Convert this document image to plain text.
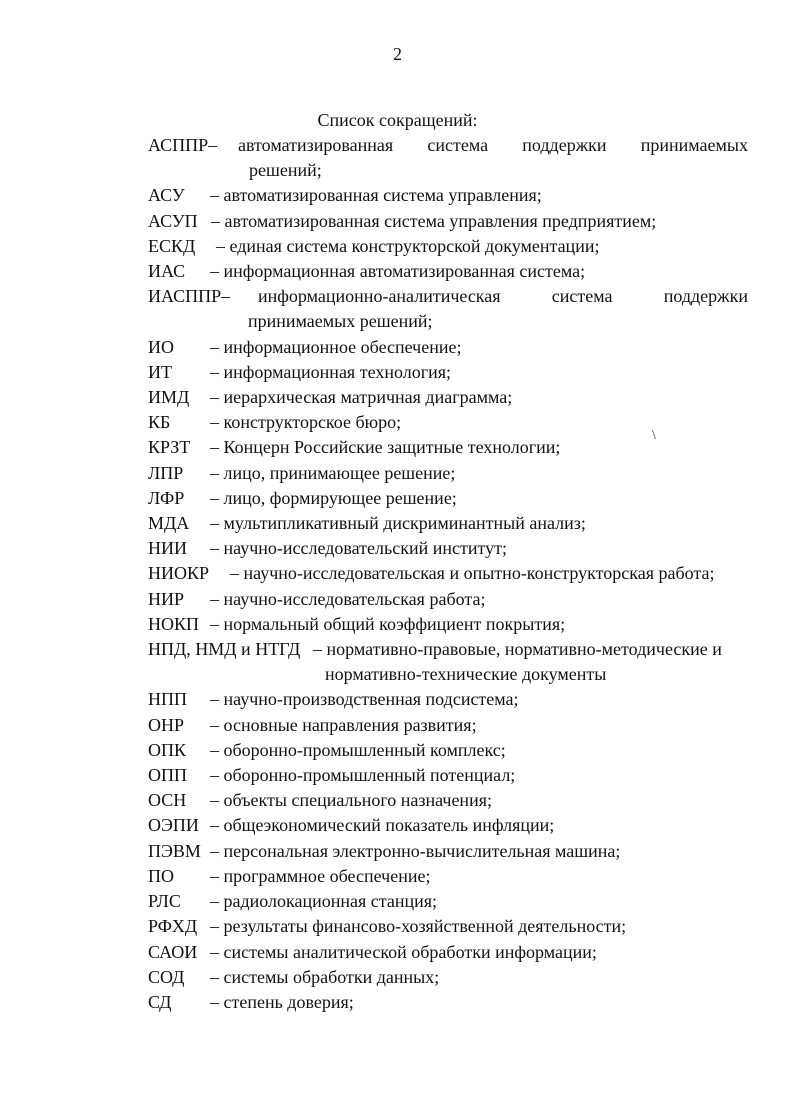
2
Список сокращений:
АСППР– автоматизированная система поддержки принимаемых
решений;
АСУ – автоматизированная система управления;
АСУП – автоматизированная система управления предприятием;
ЕСКД – единая система конструкторской документации;
ИАС – информационная автоматизированная система;
ИАСППР– информационно-аналитическая система поддержки
принимаемых решений;
ИО – информационное обеспечение;
ИТ – информационная технология;
ИМД – иерархическая матричная диаграмма;
КБ – конструкторское бюро;
КРЗТ – Концерн Российские защитные технологии;
ЛПР – лицо, принимающее решение;
ЛФР – лицо, формирующее решение;
МДА – мультипликативный дискриминантный анализ;
НИИ – научно-исследовательский институт;
НИОКР – научно-исследовательская и опытно-конструкторская работа;
НИР – научно-исследовательская работа;
НОКП – нормальный общий коэффициент покрытия;
НПД, НМД и НТГД – нормативно-правовые, нормативно-методические и
нормативно-технические документы
НПП – научно-производственная подсистема;
ОНР – основные направления развития;
ОПК – оборонно-промышленный комплекс;
ОПП – оборонно-промышленный потенциал;
ОСН – объекты специального назначения;
ОЭПИ – общеэкономический показатель инфляции;
ПЭВМ – персональная электронно-вычислительная машина;
ПО – программное обеспечение;
РЛС – радиолокационная станция;
РФХД – результаты финансово-хозяйственной деятельности;
САОИ – системы аналитической обработки информации;
СОД – системы обработки данных;
СД – степень доверия;
\
